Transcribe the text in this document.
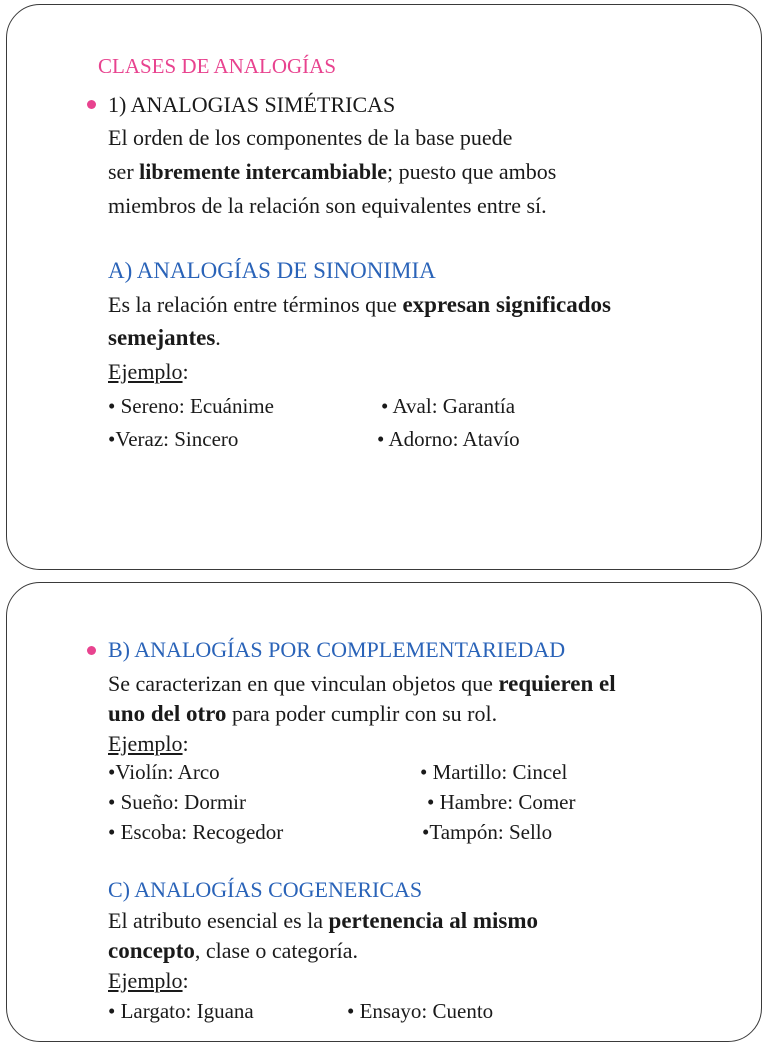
CLASES DE ANALOGÍAS
1) ANALOGIAS SIMÉTRICAS
El orden de los componentes de la base puede
ser libremente intercambiable; puesto que ambos
miembros de la relación son equivalentes entre sí.
A) ANALOGÍAS DE SINONIMIA
Es la relación entre términos que expresan significados
semejantes.
Ejemplo:
• Sereno: Ecuánime	• Aval: Garantía
•Veraz: Sincero	• Adorno: Atavío
B) ANALOGÍAS POR COMPLEMENTARIEDAD
Se caracterizan en que vinculan objetos que requieren el
uno del otro para poder cumplir con su rol.
Ejemplo:
•Violín: Arco	• Martillo: Cincel
• Sueño: Dormir	• Hambre: Comer
• Escoba: Recogedor	•Tampón: Sello
C) ANALOGÍAS COGENERICAS
El atributo esencial es la pertenencia al mismo
concepto, clase o categoría.
Ejemplo:
• Largato: Iguana	• Ensayo: Cuento
